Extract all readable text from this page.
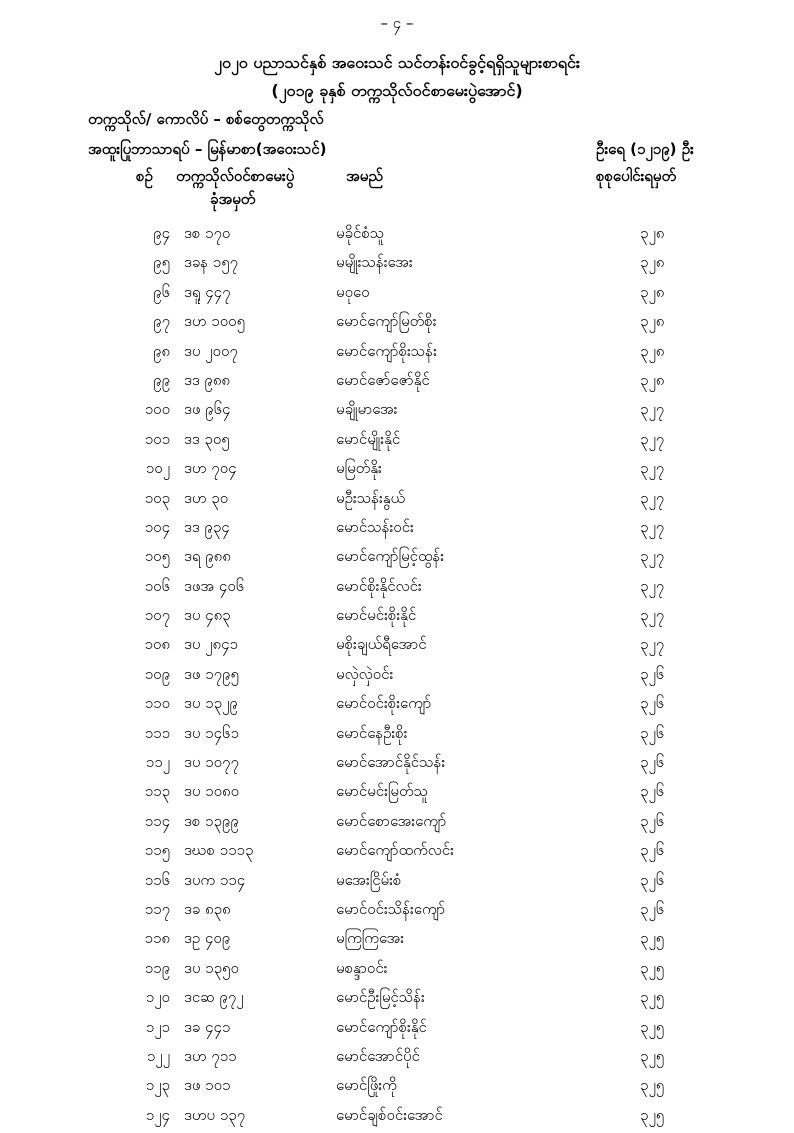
– ၄ –
၂၀၂၀ ပညာသင်နှစ် အဝေးသင် သင်တန်းဝင်ခွင့်ရရှိသူများစာရင်း
(၂၀၁၉ ခုနှစ် တက္ကသိုလ်ဝင်စာမေးပွဲအောင်)
တက္ကသိုလ်/ ကောလိပ် – စစ်တွေတက္ကသိုလ်
အထူးပြုဘာသာရပ် – မြန်မာစာ(အဝေးသင်)	ဦးရေ (၁၂၁၉) ဦး
စဉ် တက္ကသိုလ်ဝင်စာမေးပွဲ
ခုံအမှတ်
အမည်	စုစုပေါင်းရမှတ်
၉၄ ဒစ ၁၇၀	မခိုင်စံသူ	၃၂၈
၉၅ ဒခန ၁၅၇	မမျိုးသန်းအေး	၃၂၈
၉၆ ဒရူ ၄၄၇	မဝုဝေ	၃၂၈
၉၇ ဒဟ ၁၀၀၅	မောင်ကျော်မြတ်စိုး	၃၂၈
၉၈ ဒပ ၂၀၀၇	မောင်ကျော်စိုးသန်း	၃၂၈
၉၉ ဒဒ ၉၈၈	မောင်ဇော်ဇော်နိုင်	၃၂၈
၁၀၀ ဒဖ ၉၆၄	မချိုမာအေး	၃၂၇
၁၀၁ ဒဒ ၃၀၅	မောင်မျိုးနိုင်	၃၂၇
၁၀၂ ဒဟ ၇၀၄	မမြတ်နိုး	၃၂၇
၁၀၃ ဒဟ ၃၀	မဦးသန်းနွယ်	၃၂၇
၁၀၄ ဒဒ ၉၃၄	မောင်သန်းဝင်း	၃၂၇
၁၀၅ ဒရ ၉၈၈	မောင်ကျော်မြင့်ထွန်း	၃၂၇
၁၀၆ ဒဖအ ၄၀၆	မောင်စိုးနိုင်လင်း	၃၂၇
၁၀၇ ဒပ ၄၈၃	မောင်မင်းစိုးနိုင်	၃၂၇
၁၀၈ ဒပ ၂၈၄၁	မစိုးချယ်ရီအောင်	၃၂၇
၁၀၉ ဒဖ ၁၇၉၅	မလှဲလှဲဝင်း	၃၂၆
၁၁၀ ဒပ ၁၃၂၉	မောင်ဝင်းစိုးကျော်	၃၂၆
၁၁၁ ဒပ ၁၄၆၁	မောင်နေဦးစိုး	၃၂၆
၁၁၂ ဒပ ၁၀၇၇	မောင်အောင်နိုင်သန်း	၃၂၆
၁၁၃ ဒပ ၁၀၈၀	မောင်မင်းမြတ်သူ	၃၂၆
၁၁၄ ဒစ ၁၃၉၉	မောင်စောအေးကျော်	၃၂၆
၁၁၅ ဒဃစ ၁၁၁၃	မောင်ကျော်ထက်လင်း	၃၂၆
၁၁၆ ဒပက ၁၁၄	မအေးငြိမ်းစံ	၃၂၆
၁၁၇ ဒခ ၈၃၈	မောင်ဝင်းသိန်းကျော်	၃၂၆
၁၁၈ ဒဥ ၄၀၉	မကြကြအေး	၃၂၅
၁၁၉ ဒပ ၁၃၅၀	မစန္ဒာဝင်း	၃၂၅
၁၂၀ ဒငဆ ၉၇၂	မောင်ဦးမြင့်သိန်း	၃၂၅
၁၂၁ ဒခ ၄၄၁	မောင်ကျော်စိုးနိုင်	၃၂၅
၁၂၂ ဒဟ ၇၁၁	မောင်အောင်ပိုင်	၃၂၅
၁၂၃ ဒဖ ၁၀၁	မောင်ဖြိုးကို	၃၂၅
၁၂၄ ဒဟပ ၁၃၇	မောင်ချစ်ဝင်းအောင်	၃၂၅
